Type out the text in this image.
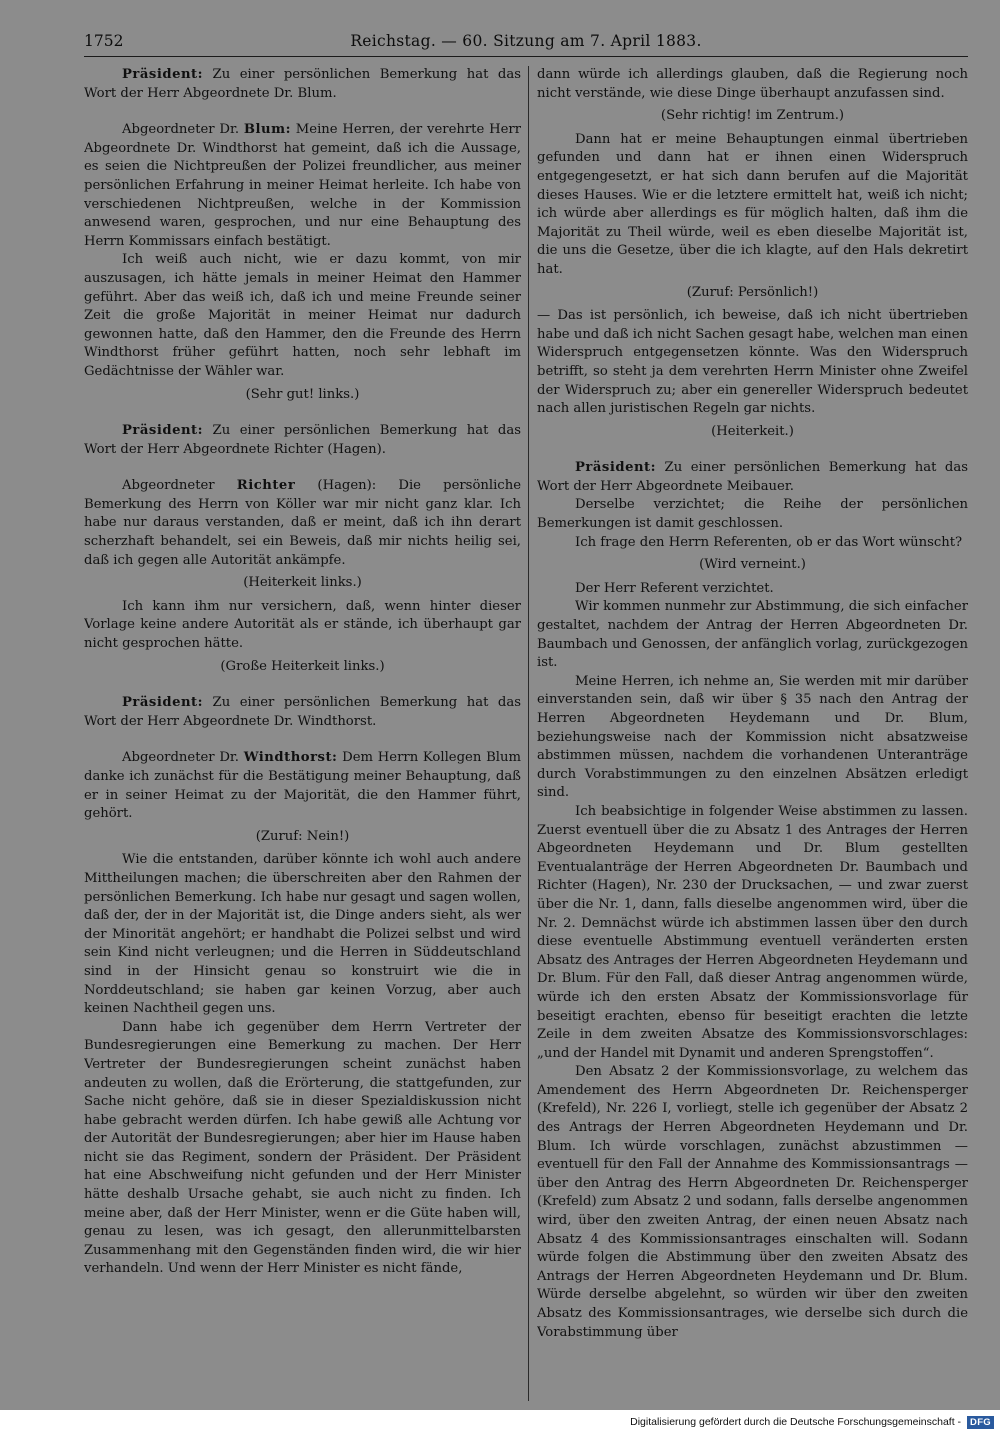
1752	Reichstag. — 60. Sitzung am 7. April 1883.

Präsident: Zu einer persönlichen Bemerkung hat das Wort der Herr Abgeordnete Dr. Blum.

Abgeordneter Dr. Blum: Meine Herren, der verehrte Herr Abgeordnete Dr. Windthorst hat gemeint, daß ich die Aussage, es seien die Nichtpreußen der Polizei freundlicher, aus meiner persönlichen Erfahrung in meiner Heimat herleite. Ich habe von verschiedenen Nichtpreußen, welche in der Kommission anwesend waren, gesprochen, und nur eine Behauptung des Herrn Kommissars einfach bestätigt.

Ich weiß auch nicht, wie er dazu kommt, von mir auszusagen, ich hätte jemals in meiner Heimat den Hammer geführt. Aber das weiß ich, daß ich und meine Freunde seiner Zeit die große Majorität in meiner Heimat nur dadurch gewonnen hatte, daß den Hammer, den die Freunde des Herrn Windthorst früher geführt hatten, noch sehr lebhaft im Gedächtnisse der Wähler war.

(Sehr gut! links.)

Präsident: Zu einer persönlichen Bemerkung hat das Wort der Herr Abgeordnete Richter (Hagen).

Abgeordneter Richter (Hagen): Die persönliche Bemerkung des Herrn von Köller war mir nicht ganz klar. Ich habe nur daraus verstanden, daß er meint, daß ich ihn derart scherzhaft behandelt, sei ein Beweis, daß mir nichts heilig sei, daß ich gegen alle Autorität ankämpfe.

(Heiterkeit links.)

Ich kann ihm nur versichern, daß, wenn hinter dieser Vorlage keine andere Autorität als er stände, ich überhaupt gar nicht gesprochen hätte.

(Große Heiterkeit links.)

Präsident: Zu einer persönlichen Bemerkung hat das Wort der Herr Abgeordnete Dr. Windthorst.

Abgeordneter Dr. Windthorst: Dem Herrn Kollegen Blum danke ich zunächst für die Bestätigung meiner Behauptung, daß er in seiner Heimat zu der Majorität, die den Hammer führt, gehört.

(Zuruf: Nein!)

Wie die entstanden, darüber könnte ich wohl auch andere Mittheilungen machen; die überschreiten aber den Rahmen der persönlichen Bemerkung. Ich habe nur gesagt und sagen wollen, daß der, der in der Majorität ist, die Dinge anders sieht, als wer der Minorität angehört; er handhabt die Polizei selbst und wird sein Kind nicht verleugnen; und die Herren in Süddeutschland sind in der Hinsicht genau so konstruirt wie die in Norddeutschland; sie haben gar keinen Vorzug, aber auch keinen Nachtheil gegen uns.

Dann habe ich gegenüber dem Herrn Vertreter der Bundesregierungen eine Bemerkung zu machen. Der Herr Vertreter der Bundesregierungen scheint zunächst haben andeuten zu wollen, daß die Erörterung, die stattgefunden, zur Sache nicht gehöre, daß sie in dieser Spezialdiskussion nicht habe gebracht werden dürfen. Ich habe gewiß alle Achtung vor der Autorität der Bundesregierungen; aber hier im Hause haben nicht sie das Regiment, sondern der Präsident. Der Präsident hat eine Abschweifung nicht gefunden und der Herr Minister hätte deshalb Ursache gehabt, sie auch nicht zu finden. Ich meine aber, daß der Herr Minister, wenn er die Güte haben will, genau zu lesen, was ich gesagt, den allerunmittelbarsten Zusammenhang mit den Gegenständen finden wird, die wir hier verhandeln. Und wenn der Herr Minister es nicht fände,

dann würde ich allerdings glauben, daß die Regierung noch nicht verstände, wie diese Dinge überhaupt anzufassen sind.

(Sehr richtig! im Zentrum.)

Dann hat er meine Behauptungen einmal übertrieben gefunden und dann hat er ihnen einen Widerspruch entgegengesetzt, er hat sich dann berufen auf die Majorität dieses Hauses. Wie er die letztere ermittelt hat, weiß ich nicht; ich würde aber allerdings es für möglich halten, daß ihm die Majorität zu Theil würde, weil es eben dieselbe Majorität ist, die uns die Gesetze, über die ich klagte, auf den Hals dekretirt hat.

(Zuruf: Persönlich!)

— Das ist persönlich, ich beweise, daß ich nicht übertrieben habe und daß ich nicht Sachen gesagt habe, welchen man einen Widerspruch entgegensetzen könnte. Was den Widerspruch betrifft, so steht ja dem verehrten Herrn Minister ohne Zweifel der Widerspruch zu; aber ein genereller Widerspruch bedeutet nach allen juristischen Regeln gar nichts.

(Heiterkeit.)

Präsident: Zu einer persönlichen Bemerkung hat das Wort der Herr Abgeordnete Meibauer.

Derselbe verzichtet; die Reihe der persönlichen Bemerkungen ist damit geschlossen.

Ich frage den Herrn Referenten, ob er das Wort wünscht?

(Wird verneint.)

Der Herr Referent verzichtet.

Wir kommen nunmehr zur Abstimmung, die sich einfacher gestaltet, nachdem der Antrag der Herren Abgeordneten Dr. Baumbach und Genossen, der anfänglich vorlag, zurückgezogen ist.

Meine Herren, ich nehme an, Sie werden mit mir darüber einverstanden sein, daß wir über § 35 nach den Antrag der Herren Abgeordneten Heydemann und Dr. Blum, beziehungsweise nach der Kommission nicht absatzweise abstimmen müssen, nachdem die vorhandenen Unteranträge durch Vorabstimmungen zu den einzelnen Absätzen erledigt sind.

Ich beabsichtige in folgender Weise abstimmen zu lassen. Zuerst eventuell über die zu Absatz 1 des Antrages der Herren Abgeordneten Heydemann und Dr. Blum gestellten Eventualanträge der Herren Abgeordneten Dr. Baumbach und Richter (Hagen), Nr. 230 der Drucksachen, — und zwar zuerst über die Nr. 1, dann, falls dieselbe angenommen wird, über die Nr. 2. Demnächst würde ich abstimmen lassen über den durch diese eventuelle Abstimmung eventuell veränderten ersten Absatz des Antrages der Herren Abgeordneten Heydemann und Dr. Blum. Für den Fall, daß dieser Antrag angenommen würde, würde ich den ersten Absatz der Kommissionsvorlage für beseitigt erachten, ebenso für beseitigt erachten die letzte Zeile in dem zweiten Absatze des Kommissionsvorschlages: „und der Handel mit Dynamit und anderen Sprengstoffen“.

Den Absatz 2 der Kommissionsvorlage, zu welchem das Amendement des Herrn Abgeordneten Dr. Reichensperger (Krefeld), Nr. 226 I, vorliegt, stelle ich gegenüber der Absatz 2 des Antrags der Herren Abgeordneten Heydemann und Dr. Blum. Ich würde vorschlagen, zunächst abzustimmen — eventuell für den Fall der Annahme des Kommissionsantrags — über den Antrag des Herrn Abgeordneten Dr. Reichensperger (Krefeld) zum Absatz 2 und sodann, falls derselbe angenommen wird, über den zweiten Antrag, der einen neuen Absatz nach Absatz 4 des Kommissionsantrages einschalten will. Sodann würde folgen die Abstimmung über den zweiten Absatz des Antrags der Herren Abgeordneten Heydemann und Dr. Blum. Würde derselbe abgelehnt, so würden wir über den zweiten Absatz des Kommissionsantrages, wie derselbe sich durch die Vorabstimmung über

Digitalisierung gefördert durch die Deutsche Forschungsgemeinschaft - DFG
